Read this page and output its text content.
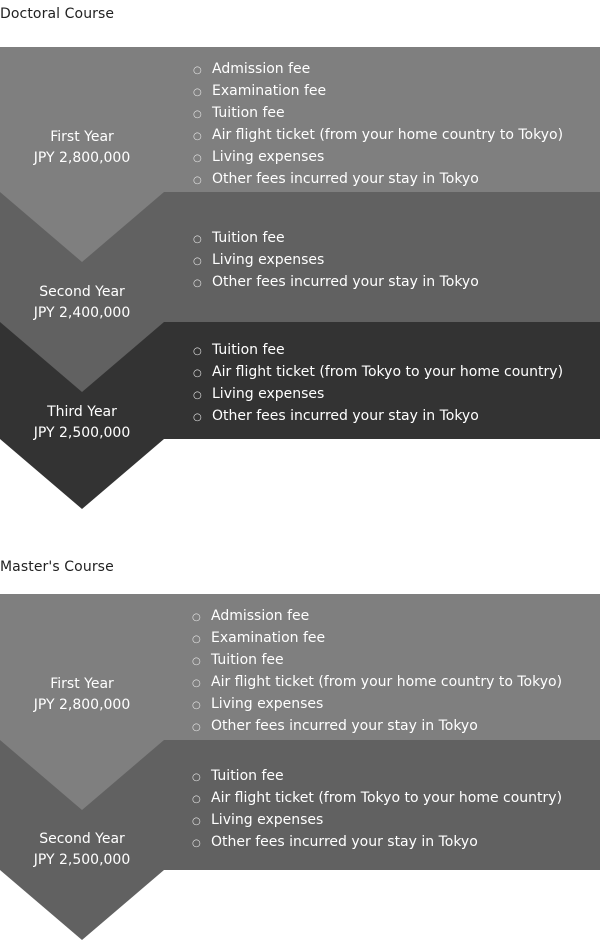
Doctoral Course
First Year
JPY 2,800,000
Second Year
JPY 2,400,000
Third Year
JPY 2,500,000
○ Admission fee
○ Examination fee
○ Tuition fee
○ Air flight ticket (from your home country to Tokyo)
○ Living expenses
○ Other fees incurred your stay in Tokyo
○ Tuition fee
○ Living expenses
○ Other fees incurred your stay in Tokyo
○ Tuition fee
○ Air flight ticket (from Tokyo to your home country)
○ Living expenses
○ Other fees incurred your stay in Tokyo
Master's Course
First Year
JPY 2,800,000
Second Year
JPY 2,500,000
○ Admission fee
○ Examination fee
○ Tuition fee
○ Air flight ticket (from your home country to Tokyo)
○ Living expenses
○ Other fees incurred your stay in Tokyo
○ Tuition fee
○ Air flight ticket (from Tokyo to your home country)
○ Living expenses
○ Other fees incurred your stay in Tokyo
